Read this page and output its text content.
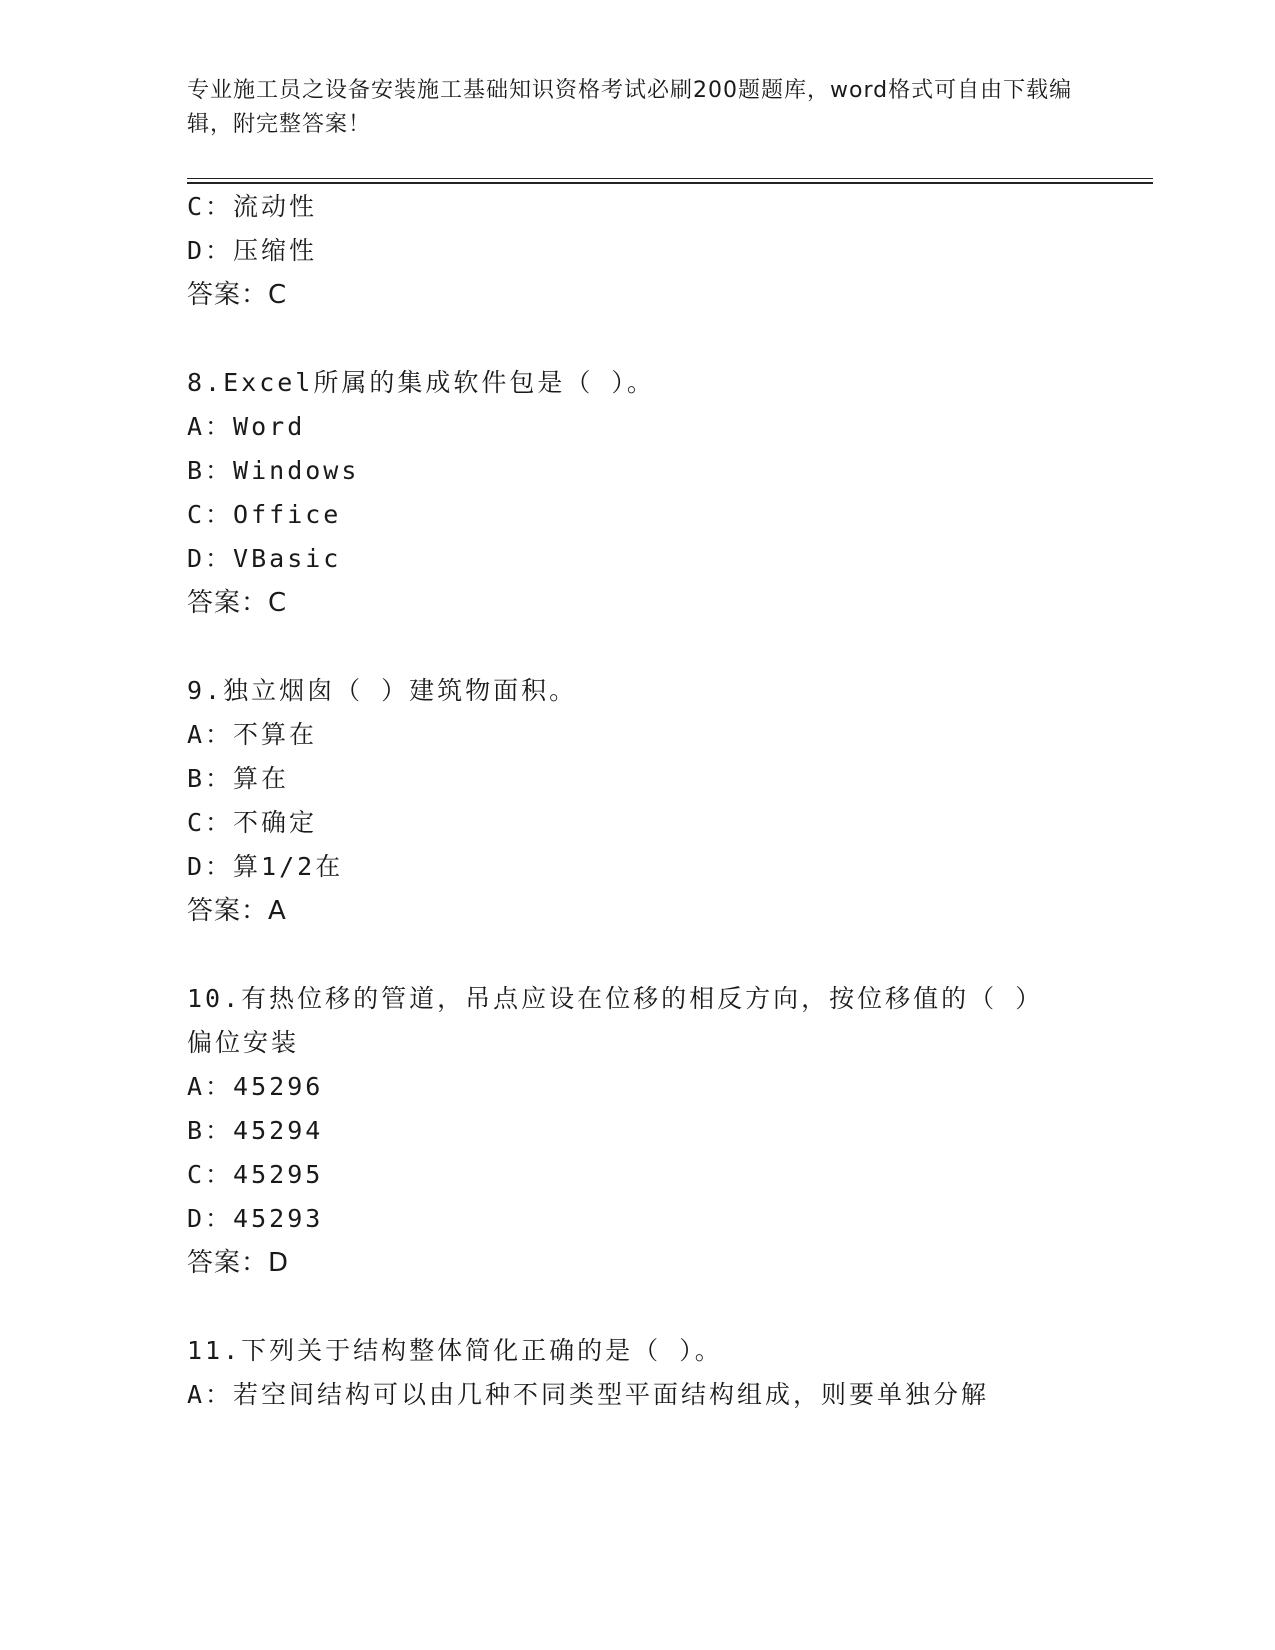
专业施工员之设备安装施工基础知识资格考试必刷200题题库，word格式可自由下载编辑，附完整答案！
C：流动性
D：压缩性
答案：C
8.Excel所属的集成软件包是（ ）。
A：Word
B：Windows
C：Office
D：VBasic
答案：C
9.独立烟囱（ ）建筑物面积。
A：不算在
B：算在
C：不确定
D：算1/2在
答案：A
10.有热位移的管道，吊点应设在位移的相反方向，按位移值的（ ）
偏位安装
A：45296
B：45294
C：45295
D：45293
答案：D
11.下列关于结构整体简化正确的是（ ）。
A：若空间结构可以由几种不同类型平面结构组成，则要单独分解
